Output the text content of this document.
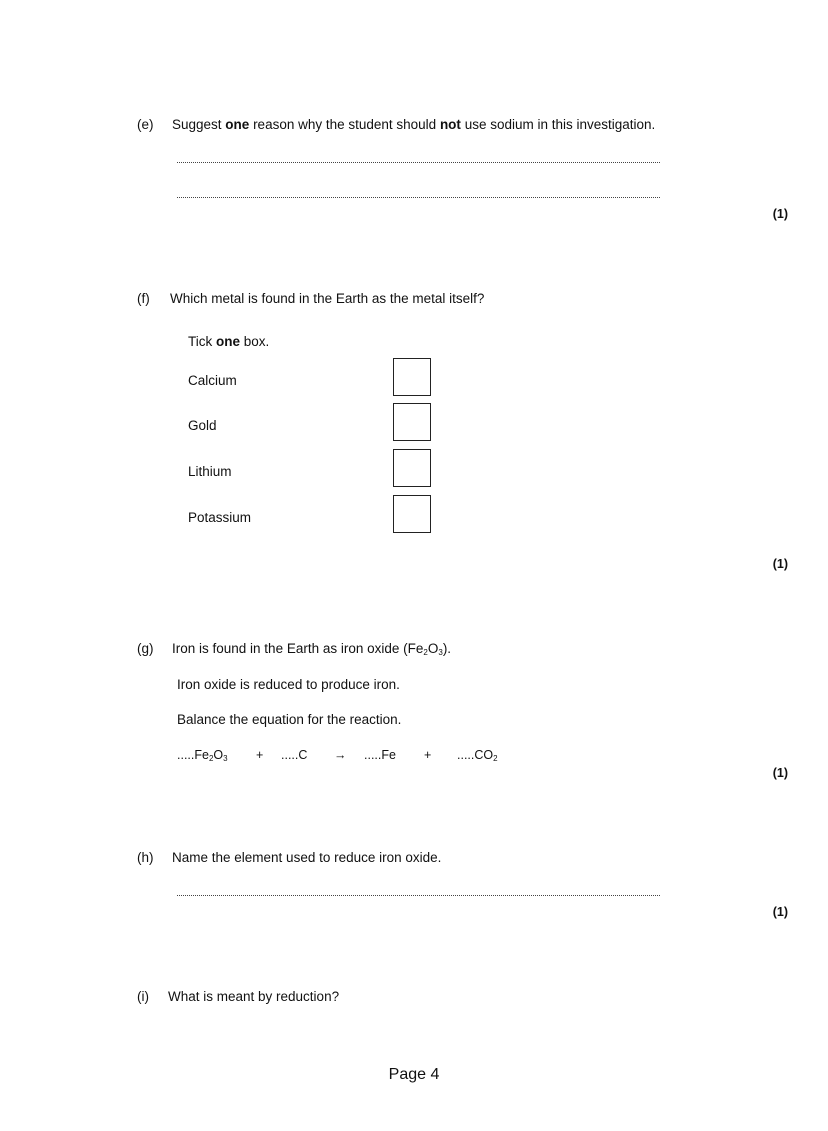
(e) Suggest one reason why the student should not use sodium in this investigation.
(1)
(f) Which metal is found in the Earth as the metal itself?
Tick one box.
Calcium
Gold
Lithium
Potassium
(1)
(g) Iron is found in the Earth as iron oxide $(Fe_2O_3)$.
Iron oxide is reduced to produce iron.
Balance the equation for the reaction.
$.....Fe_2O_3 + .....C \to .....Fe + .....CO_2$
(1)
(h) Name the element used to reduce iron oxide.
(1)
(i) What is meant by reduction?
Page 4
